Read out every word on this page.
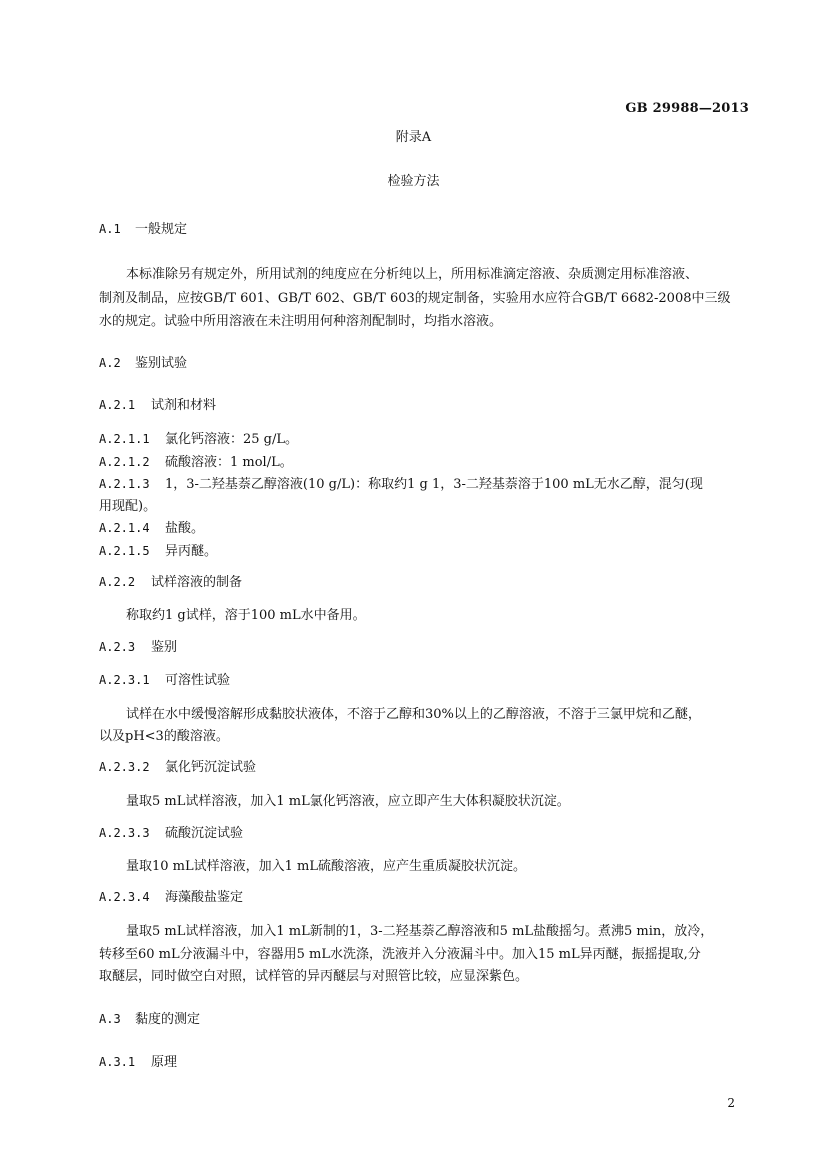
GB 29988—2013
附录A
检验方法
A.1 一般规定
本标准除另有规定外，所用试剂的纯度应在分析纯以上，所用标准滴定溶液、杂质测定用标准溶液、
制剂及制品，应按GB/T 601、GB/T 602、GB/T 603的规定制备，实验用水应符合GB/T 6682-2008中三级
水的规定。试验中所用溶液在未注明用何种溶剂配制时，均指水溶液。
A.2 鉴别试验
A.2.1 试剂和材料
A.2.1.1 氯化钙溶液：25 g/L。
A.2.1.2 硫酸溶液：1 mol/L。
A.2.1.3 1，3-二羟基萘乙醇溶液(10 g/L)：称取约1 g 1，3-二羟基萘溶于100 mL无水乙醇，混匀(现
用现配)。
A.2.1.4 盐酸。
A.2.1.5 异丙醚。
A.2.2 试样溶液的制备
称取约1 g试样，溶于100 mL水中备用。
A.2.3 鉴别
A.2.3.1 可溶性试验
试样在水中缓慢溶解形成黏胶状液体，不溶于乙醇和30%以上的乙醇溶液，不溶于三氯甲烷和乙醚，
以及pH<3的酸溶液。
A.2.3.2 氯化钙沉淀试验
量取5 mL试样溶液，加入1 mL氯化钙溶液，应立即产生大体积凝胶状沉淀。
A.2.3.3 硫酸沉淀试验
量取10 mL试样溶液，加入1 mL硫酸溶液，应产生重质凝胶状沉淀。
A.2.3.4 海藻酸盐鉴定
量取5 mL试样溶液，加入1 mL新制的1，3-二羟基萘乙醇溶液和5 mL盐酸摇匀。煮沸5 min，放冷，
转移至60 mL分液漏斗中，容器用5 mL水洗涤，洗液并入分液漏斗中。加入15 mL异丙醚，振摇提取,分
取醚层，同时做空白对照，试样管的异丙醚层与对照管比较，应显深紫色。
A.3 黏度的测定
A.3.1 原理
2
